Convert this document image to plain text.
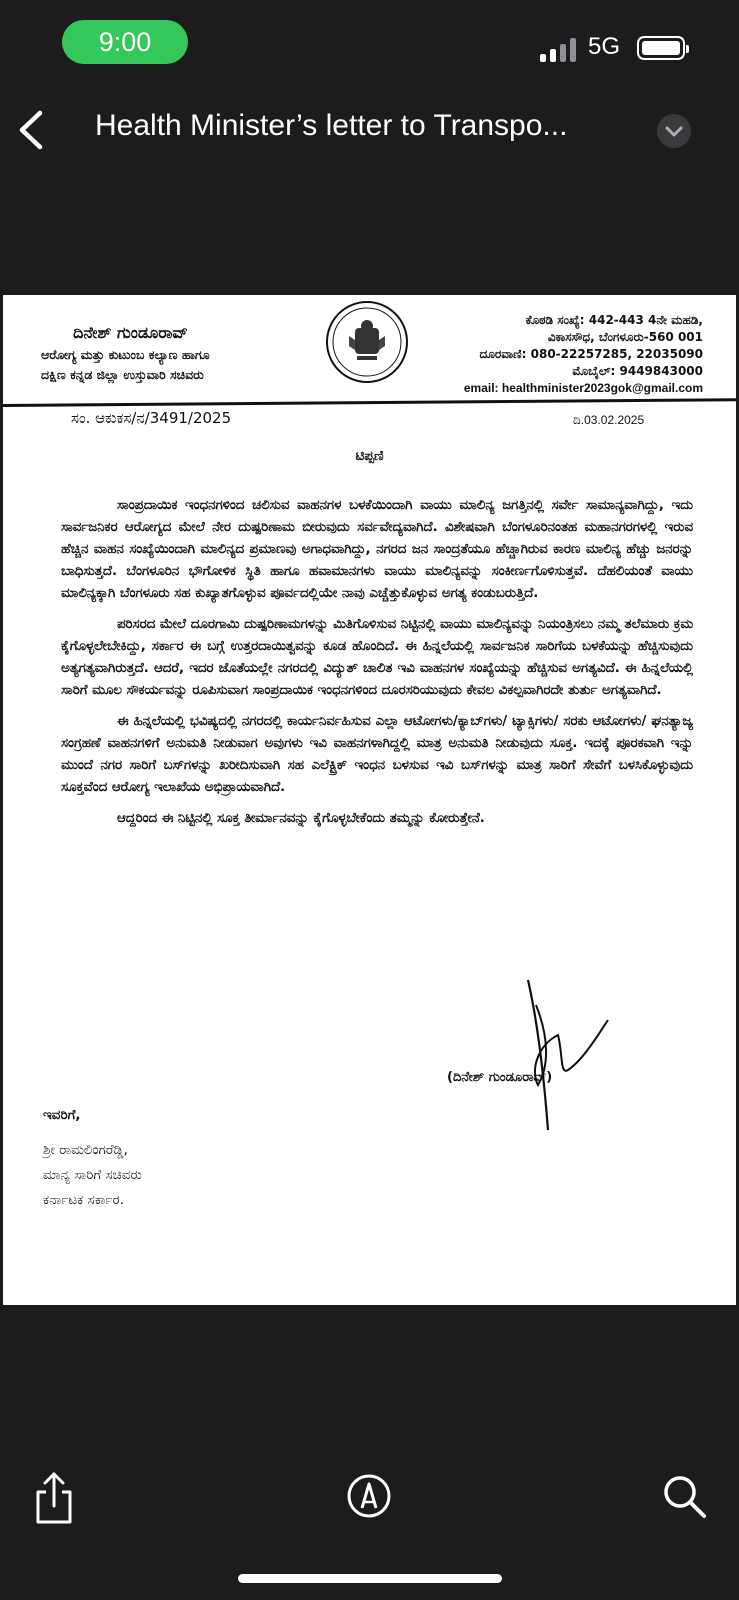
9:00	5G
Health Minister’s letter to Transpo...
ದಿನೇಶ್ ಗುಂಡೂರಾವ್
ಆರೋಗ್ಯ ಮತ್ತು ಕುಟುಂಬ ಕಲ್ಯಾಣ ಹಾಗೂ
ದಕ್ಷಿಣ ಕನ್ನಡ ಜಿಲ್ಲಾ ಉಸ್ತುವಾರಿ ಸಚಿವರು
ಕೊಠಡಿ ಸಂಖ್ಯೆ: 442-443 4ನೇ ಮಹಡಿ,
ವಿಕಾಸಸೌಧ, ಬೆಂಗಳೂರು-560 001
ದೂರವಾಣಿ: 080-22257285, 22035090
ಮೊಬೈಲ್: 9449843000
email: healthminister2023gok@gmail.com
ಸಂ. ಆಕುಕಸ/ನ/3491/2025	ದಿ.03.02.2025
ಟಿಪ್ಪಣಿ

ಸಾಂಪ್ರದಾಯಿಕ ಇಂಧನಗಳಿಂದ ಚಲಿಸುವ ವಾಹನಗಳ ಬಳಕೆಯಿಂದಾಗಿ ವಾಯು ಮಾಲಿನ್ಯ ಜಗತ್ತಿನಲ್ಲಿ ಸರ್ವೇ ಸಾಮಾನ್ಯವಾಗಿದ್ದು, ಇದು ಸಾರ್ವಜನಿಕರ ಆರೋಗ್ಯದ ಮೇಲೆ ನೇರ ದುಷ್ಪರಿಣಾಮ ಬೀರುವುದು ಸರ್ವವೇದ್ಯವಾಗಿದೆ. ವಿಶೇಷವಾಗಿ ಬೆಂಗಳೂರಿನಂತಹ ಮಹಾನಗರಗಳಲ್ಲಿ ಇರುವ ಹೆಚ್ಚಿನ ವಾಹನ ಸಂಖ್ಯೆಯಿಂದಾಗಿ ಮಾಲಿನ್ಯದ ಪ್ರಮಾಣವು ಅಗಾಧವಾಗಿದ್ದು, ನಗರದ ಜನ ಸಾಂದ್ರತೆಯೂ ಹೆಚ್ಚಾಗಿರುವ ಕಾರಣ ಮಾಲಿನ್ಯ ಹೆಚ್ಚು ಜನರನ್ನು ಬಾಧಿಸುತ್ತದೆ. ಬೆಂಗಳೂರಿನ ಭೌಗೋಳಿಕ ಸ್ಥಿತಿ ಹಾಗೂ ಹವಾಮಾನಗಳು ವಾಯು ಮಾಲಿನ್ಯವನ್ನು ಸಂಕೀರ್ಣಗೊಳಿಸುತ್ತವೆ. ದೆಹಲಿಯಂತೆ ವಾಯು ಮಾಲಿನ್ಯಕ್ಕಾಗಿ ಬೆಂಗಳೂರು ಸಹ ಕುಖ್ಯಾತಗೊಳ್ಳುವ ಪೂರ್ವದಲ್ಲಿಯೇ ನಾವು ಎಚ್ಚೆತ್ತುಕೊಳ್ಳುವ ಅಗತ್ಯ ಕಂಡುಬರುತ್ತಿದೆ.

ಪರಿಸರದ ಮೇಲೆ ದೂರಗಾಮಿ ದುಷ್ಪರಿಣಾಮಗಳನ್ನು ಮಿತಿಗೊಳಿಸುವ ನಿಟ್ಟಿನಲ್ಲಿ ವಾಯು ಮಾಲಿನ್ಯವನ್ನು ನಿಯಂತ್ರಿಸಲು ನಮ್ಮ ತಲೆಮಾರು ಕ್ರಮ ಕೈಗೊಳ್ಳಲೇಬೇಕಿದ್ದು, ಸರ್ಕಾರ ಈ ಬಗ್ಗೆ ಉತ್ತರದಾಯಿತ್ವವನ್ನು ಕೂಡ ಹೊಂದಿದೆ. ಈ ಹಿನ್ನಲೆಯಲ್ಲಿ ಸಾರ್ವಜನಿಕ ಸಾರಿಗೆಯ ಬಳಕೆಯನ್ನು ಹೆಚ್ಚಿಸುವುದು ಅತ್ಯಗತ್ಯವಾಗಿರುತ್ತದೆ. ಆದರೆ, ಇದರ ಜೊತೆಯಲ್ಲೇ ನಗರದಲ್ಲಿ ವಿದ್ಯುತ್ ಚಾಲಿತ ಇವಿ ವಾಹನಗಳ ಸಂಖ್ಯೆಯನ್ನು ಹೆಚ್ಚಿಸುವ ಅಗತ್ಯವಿದೆ. ಈ ಹಿನ್ನಲೆಯಲ್ಲಿ ಸಾರಿಗೆ ಮೂಲ ಸೌಕರ್ಯವನ್ನು ರೂಪಿಸುವಾಗ ಸಾಂಪ್ರದಾಯಿಕ ಇಂಧನಗಳಿಂದ ದೂರಸರಿಯುವುದು ಕೇವಲ ವಿಕಲ್ಪವಾಗಿರದೇ ತುರ್ತು ಅಗತ್ಯವಾಗಿದೆ.

ಈ ಹಿನ್ನಲೆಯಲ್ಲಿ ಭವಿಷ್ಯದಲ್ಲಿ ನಗರದಲ್ಲಿ ಕಾರ್ಯನಿರ್ವಹಿಸುವ ಎಲ್ಲಾ ಆಟೋಗಳು/ಕ್ಯಾಬ್‌ಗಳು/ ಟ್ಯಾಕ್ಸಿಗಳು/ ಸರಕು ಆಟೋಗಳು/ ಘನತ್ಯಾಜ್ಯ ಸಂಗ್ರಹಣೆ ವಾಹನಗಳಿಗೆ ಅನುಮತಿ ನೀಡುವಾಗ ಅವುಗಳು ಇವಿ ವಾಹನಗಳಾಗಿದ್ದಲ್ಲಿ ಮಾತ್ರ ಅನುಮತಿ ನೀಡುವುದು ಸೂಕ್ತ. ಇದಕ್ಕೆ ಪೂರಕವಾಗಿ ಇನ್ನು ಮುಂದೆ ನಗರ ಸಾರಿಗೆ ಬಸ್‌ಗಳನ್ನು ಖರೀದಿಸುವಾಗಿ ಸಹ ಎಲೆಕ್ಟ್ರಿಕ್ ಇಂಧನ ಬಳಸುವ ಇವಿ ಬಸ್‌ಗಳನ್ನು ಮಾತ್ರ ಸಾರಿಗೆ ಸೇವೆಗೆ ಬಳಸಿಕೊಳ್ಳುವುದು ಸೂಕ್ತವೆಂದ ಆರೋಗ್ಯ ಇಲಾಖೆಯ ಅಭಿಪ್ರಾಯವಾಗಿದೆ.

ಆದ್ದರಿಂದ ಈ ನಿಟ್ಟಿನಲ್ಲಿ ಸೂಕ್ತ ತೀರ್ಮಾನವನ್ನು ಕೈಗೊಳ್ಳಬೇಕೆಂದು ತಮ್ಮನ್ನು ಕೋರುತ್ತೇನೆ.

(ದಿನೇಶ್ ಗುಂಡೂರಾವ್)
ಇವರಿಗೆ,
ಶ್ರೀ ರಾಮಲಿಂಗರೆಡ್ಡಿ,
ಮಾನ್ಯ ಸಾರಿಗೆ ಸಚಿವರು
ಕರ್ನಾಟಕ ಸರ್ಕಾರ.
